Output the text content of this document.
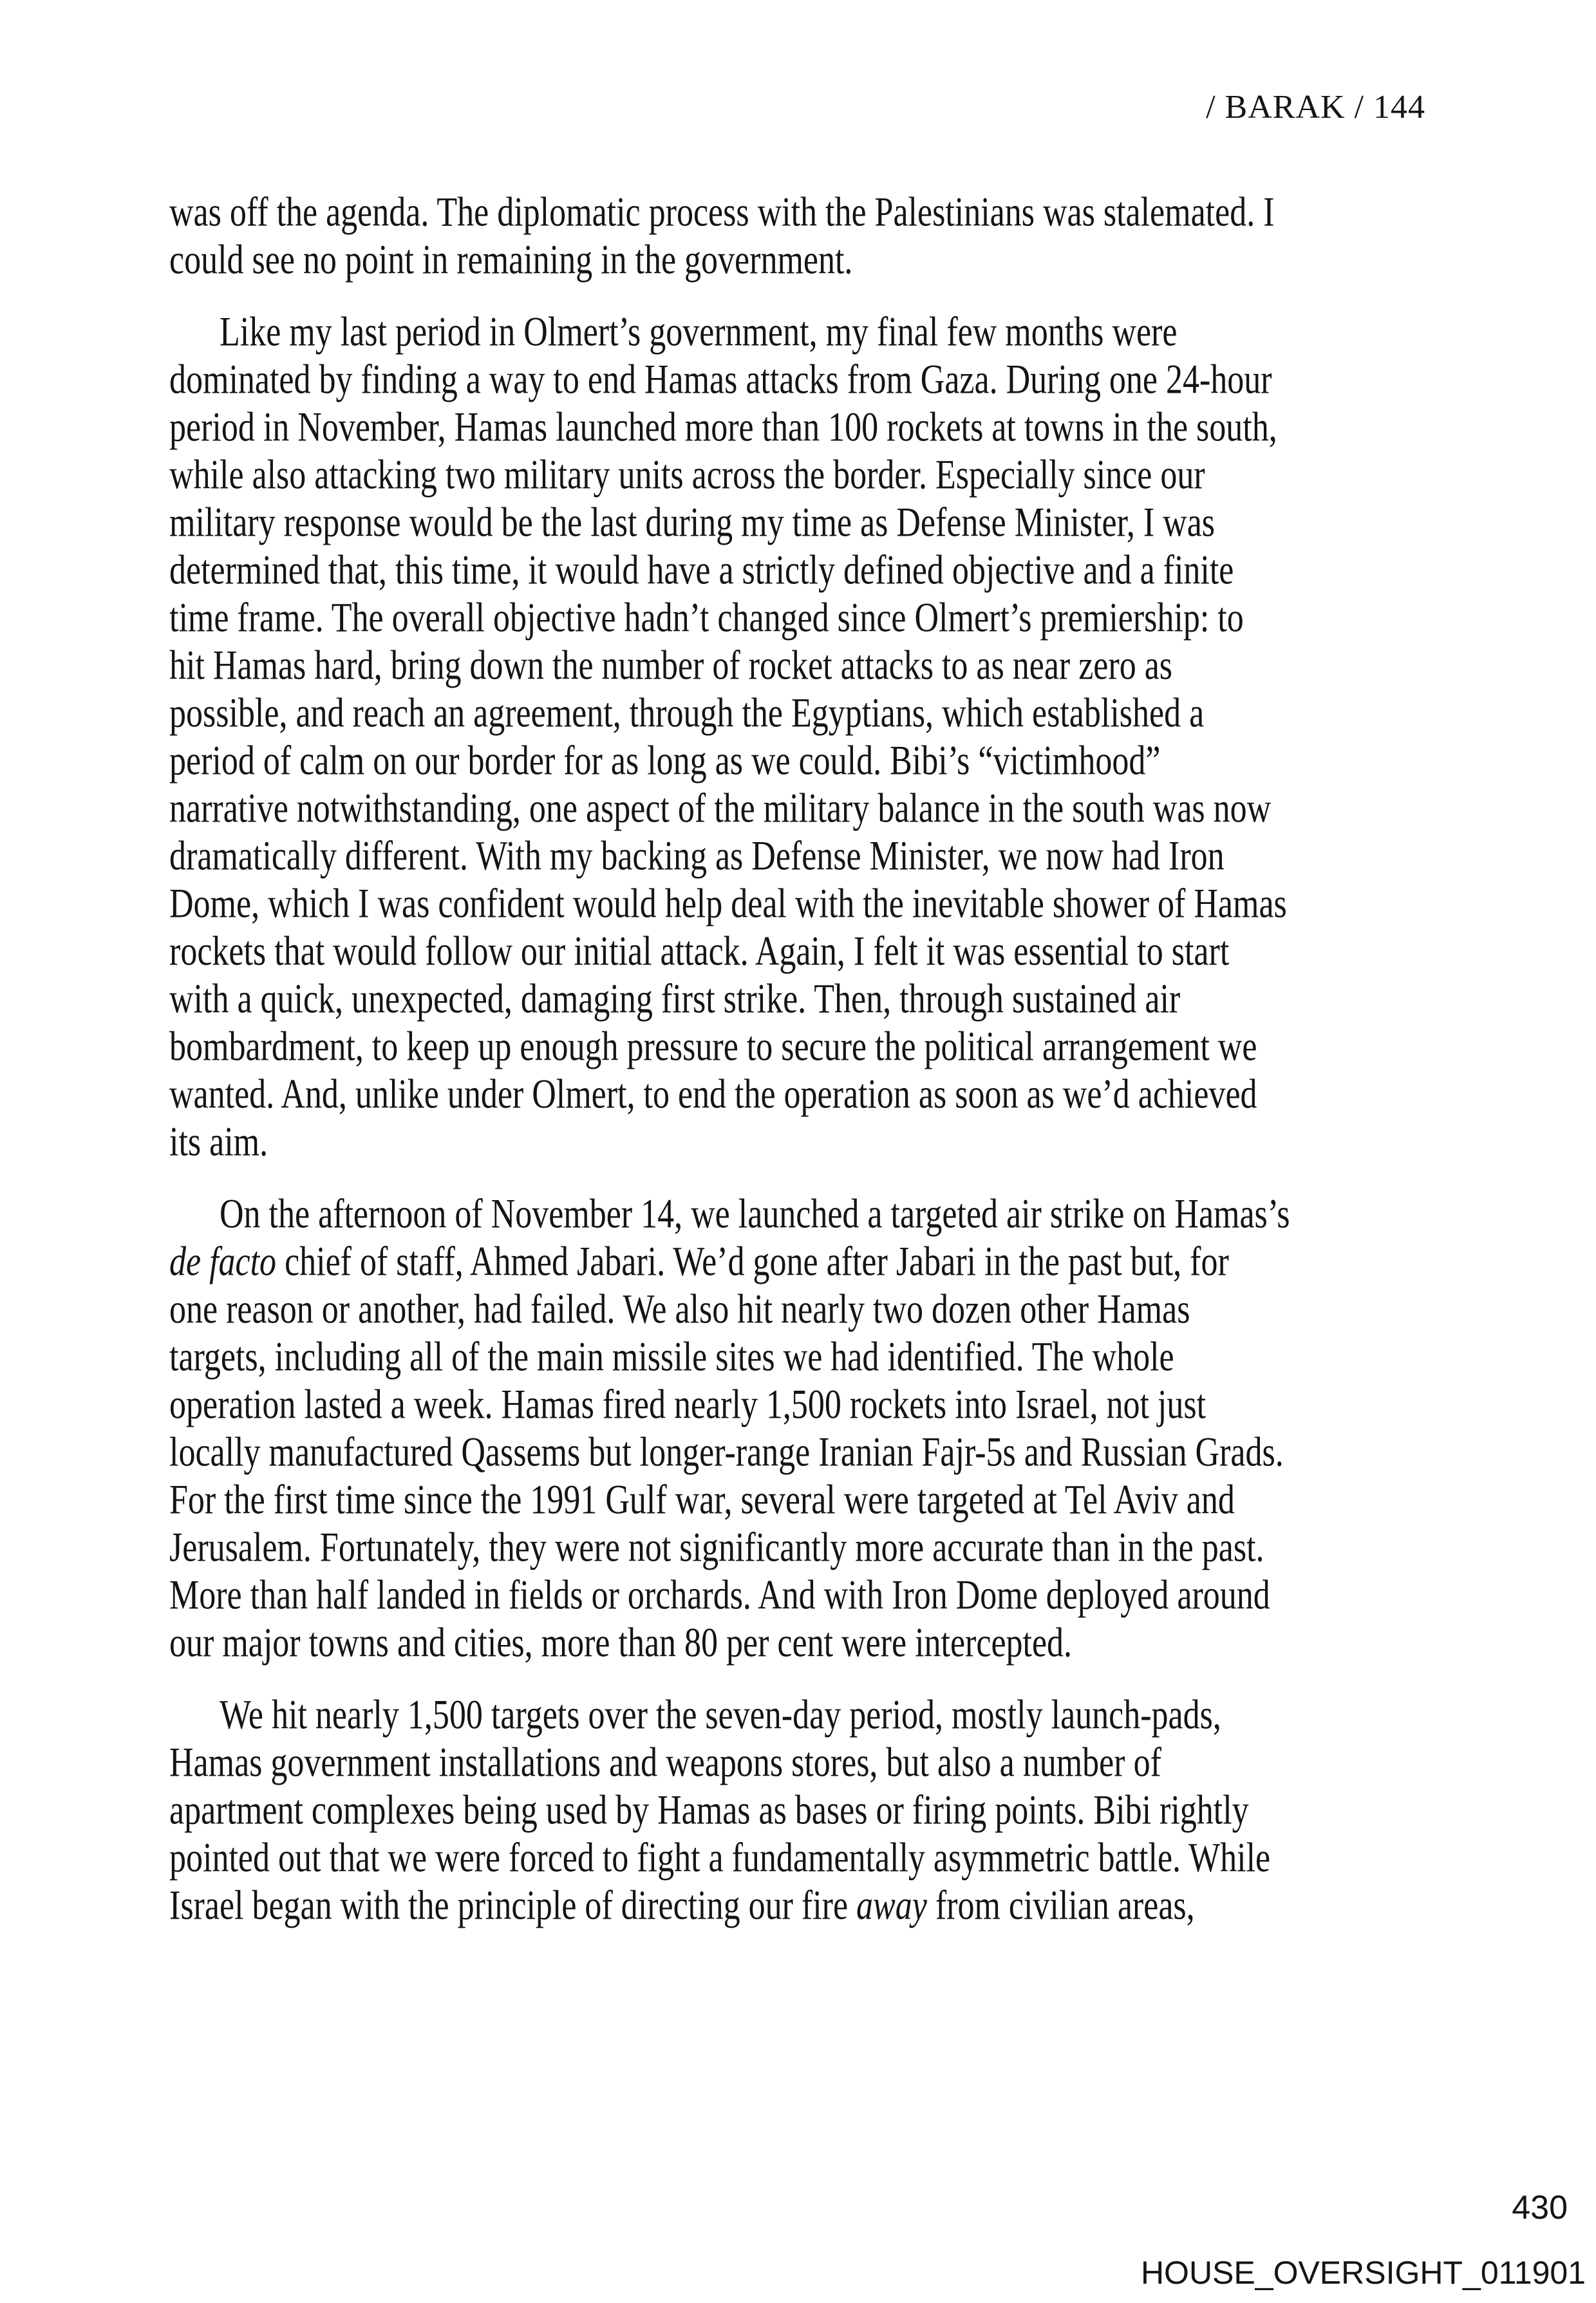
/ BARAK / 144
was off the agenda. The diplomatic process with the Palestinians was stalemated. I
could see no point in remaining in the government.
Like my last period in Olmert’s government, my final few months were
dominated by finding a way to end Hamas attacks from Gaza. During one 24-hour
period in November, Hamas launched more than 100 rockets at towns in the south,
while also attacking two military units across the border. Especially since our
military response would be the last during my time as Defense Minister, I was
determined that, this time, it would have a strictly defined objective and a finite
time frame. The overall objective hadn’t changed since Olmert’s premiership: to
hit Hamas hard, bring down the number of rocket attacks to as near zero as
possible, and reach an agreement, through the Egyptians, which established a
period of calm on our border for as long as we could. Bibi’s “victimhood”
narrative notwithstanding, one aspect of the military balance in the south was now
dramatically different. With my backing as Defense Minister, we now had Iron
Dome, which I was confident would help deal with the inevitable shower of Hamas
rockets that would follow our initial attack. Again, I felt it was essential to start
with a quick, unexpected, damaging first strike. Then, through sustained air
bombardment, to keep up enough pressure to secure the political arrangement we
wanted. And, unlike under Olmert, to end the operation as soon as we’d achieved
its aim.
On the afternoon of November 14, we launched a targeted air strike on Hamas’s
de facto chief of staff, Ahmed Jabari. We’d gone after Jabari in the past but, for
one reason or another, had failed. We also hit nearly two dozen other Hamas
targets, including all of the main missile sites we had identified. The whole
operation lasted a week. Hamas fired nearly 1,500 rockets into Israel, not just
locally manufactured Qassems but longer-range Iranian Fajr-5s and Russian Grads.
For the first time since the 1991 Gulf war, several were targeted at Tel Aviv and
Jerusalem. Fortunately, they were not significantly more accurate than in the past.
More than half landed in fields or orchards. And with Iron Dome deployed around
our major towns and cities, more than 80 per cent were intercepted.
We hit nearly 1,500 targets over the seven-day period, mostly launch-pads,
Hamas government installations and weapons stores, but also a number of
apartment complexes being used by Hamas as bases or firing points. Bibi rightly
pointed out that we were forced to fight a fundamentally asymmetric battle. While
Israel began with the principle of directing our fire away from civilian areas,
430
HOUSE_OVERSIGHT_011901
